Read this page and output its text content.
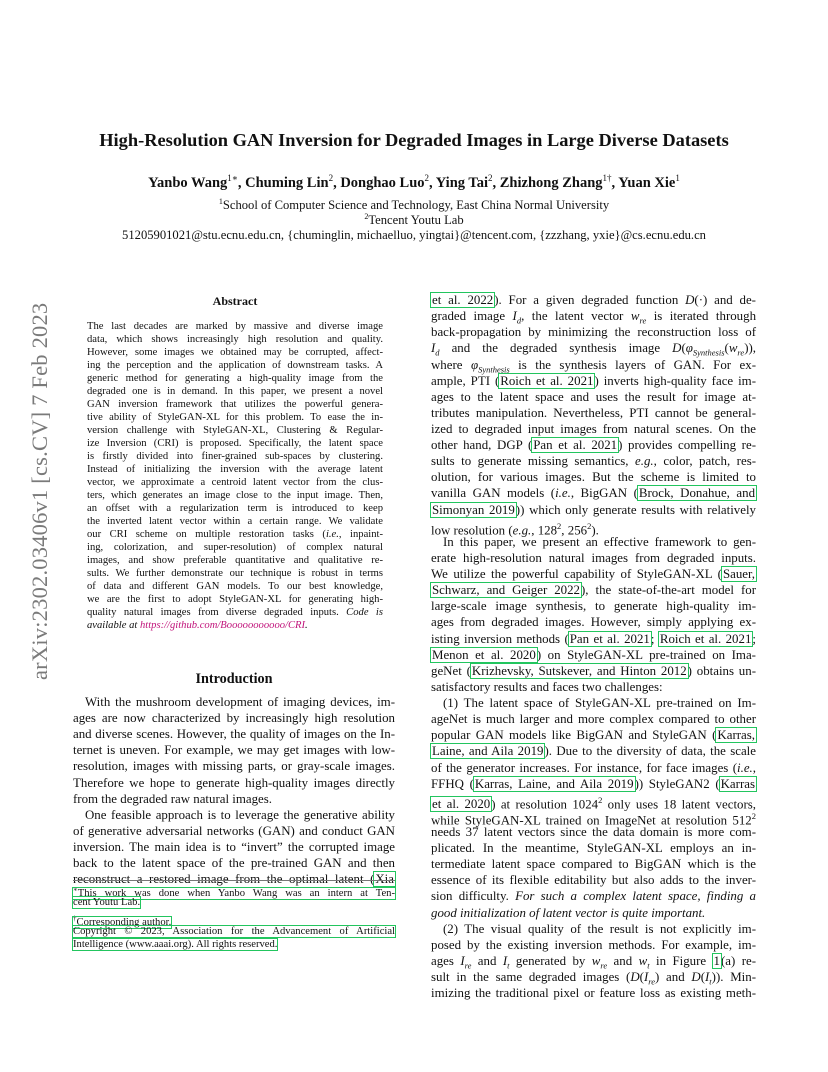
arXiv:2302.03406v1 [cs.CV] 7 Feb 2023
High-Resolution GAN Inversion for Degraded Images in Large Diverse Datasets
Yanbo Wang$^{1∗}$, Chuming Lin$^2$, Donghao Luo$^2$, Ying Tai$^2$, Zhizhong Zhang$^{1\dagger}$, Yuan Xie$^1$
$^1$School of Computer Science and Technology, East China Normal University
$^2$Tencent Youtu Lab
51205901021@stu.ecnu.edu.cn, {chuminglin, michaelluo, yingtai}@tencent.com, {zzzhang, yxie}@cs.ecnu.edu.cn
Abstract
The last decades are marked by massive and diverse image
data, which shows increasingly high resolution and quality.
However, some images we obtained may be corrupted, affect-
ing the perception and the application of downstream tasks. A
generic method for generating a high-quality image from the
degraded one is in demand. In this paper, we present a novel
GAN inversion framework that utilizes the powerful genera-
tive ability of StyleGAN-XL for this problem. To ease the in-
version challenge with StyleGAN-XL, Clustering & Regular-
ize Inversion (CRI) is proposed. Specifically, the latent space
is firstly divided into finer-grained sub-spaces by clustering.
Instead of initializing the inversion with the average latent
vector, we approximate a centroid latent vector from the clus-
ters, which generates an image close to the input image. Then,
an offset with a regularization term is introduced to keep
the inverted latent vector within a certain range. We validate
our CRI scheme on multiple restoration tasks (i.e., inpaint-
ing, colorization, and super-resolution) of complex natural
images, and show preferable quantitative and qualitative re-
sults. We further demonstrate our technique is robust in terms
of data and different GAN models. To our best knowledge,
we are the first to adopt StyleGAN-XL for generating high-
quality natural images from diverse degraded inputs. Code is
available at https://github.com/Booooooooooo/CRI.
Introduction
With the mushroom development of imaging devices, im-
ages are now characterized by increasingly high resolution
and diverse scenes. However, the quality of images on the In-
ternet is uneven. For example, we may get images with low-
resolution, images with missing parts, or gray-scale images.
Therefore we hope to generate high-quality images directly
from the degraded raw natural images.
One feasible approach is to leverage the generative ability
of generative adversarial networks (GAN) and conduct GAN
inversion. The main idea is to “invert” the corrupted image
back to the latent space of the pre-trained GAN and then
reconstruct a restored image from the optimal latent (Xia
∗This work was done when Yanbo Wang was an intern at Ten-
cent Youtu Lab.
†Corresponding author.
Copyright © 2023, Association for the Advancement of Artificial
Intelligence (www.aaai.org). All rights reserved.
et al. 2022). For a given degraded function D(·) and de-
graded image $I_d$, the latent vector $w_{re}$ is iterated through
back-propagation by minimizing the reconstruction loss of
$I_d$ and the degraded synthesis image $D(\varphi_{Synthesis}(w_{re}))$,
where $\varphi_{Synthesis}$ is the synthesis layers of GAN. For ex-
ample, PTI (Roich et al. 2021) inverts high-quality face im-
ages to the latent space and uses the result for image at-
tributes manipulation. Nevertheless, PTI cannot be general-
ized to degraded input images from natural scenes. On the
other hand, DGP (Pan et al. 2021) provides compelling re-
sults to generate missing semantics, e.g., color, patch, res-
olution, for various images. But the scheme is limited to
vanilla GAN models (i.e., BigGAN (Brock, Donahue, and
Simonyan 2019)) which only generate results with relatively
low resolution (e.g., $128^2$, $256^2$).
In this paper, we present an effective framework to gen-
erate high-resolution natural images from degraded inputs.
We utilize the powerful capability of StyleGAN-XL (Sauer,
Schwarz, and Geiger 2022), the state-of-the-art model for
large-scale image synthesis, to generate high-quality im-
ages from degraded images. However, simply applying ex-
isting inversion methods (Pan et al. 2021; Roich et al. 2021;
Menon et al. 2020) on StyleGAN-XL pre-trained on Ima-
geNet (Krizhevsky, Sutskever, and Hinton 2012) obtains un-
satisfactory results and faces two challenges:
(1) The latent space of StyleGAN-XL pre-trained on Im-
ageNet is much larger and more complex compared to other
popular GAN models like BigGAN and StyleGAN (Karras,
Laine, and Aila 2019). Due to the diversity of data, the scale
of the generator increases. For instance, for face images (i.e.,
FFHQ (Karras, Laine, and Aila 2019)) StyleGAN2 (Karras
et al. 2020) at resolution 1024$^2$ only uses 18 latent vectors,
while StyleGAN-XL trained on ImageNet at resolution $512^2$
needs 37 latent vectors since the data domain is more com-
plicated. In the meantime, StyleGAN-XL employs an in-
termediate latent space compared to BigGAN which is the
essence of its flexible editability but also adds to the inver-
sion difficulty. For such a complex latent space, finding a
good initialization of latent vector is quite important.
(2) The visual quality of the result is not explicitly im-
posed by the existing inversion methods. For example, im-
ages $I_{re}$ and $I_t$ generated by $w_{re}$ and $w_t$ in Figure 1(a) re-
sult in the same degraded images ($D(I_{re})$ and $D(I_t)$). Min-
imizing the traditional pixel or feature loss as existing meth-
